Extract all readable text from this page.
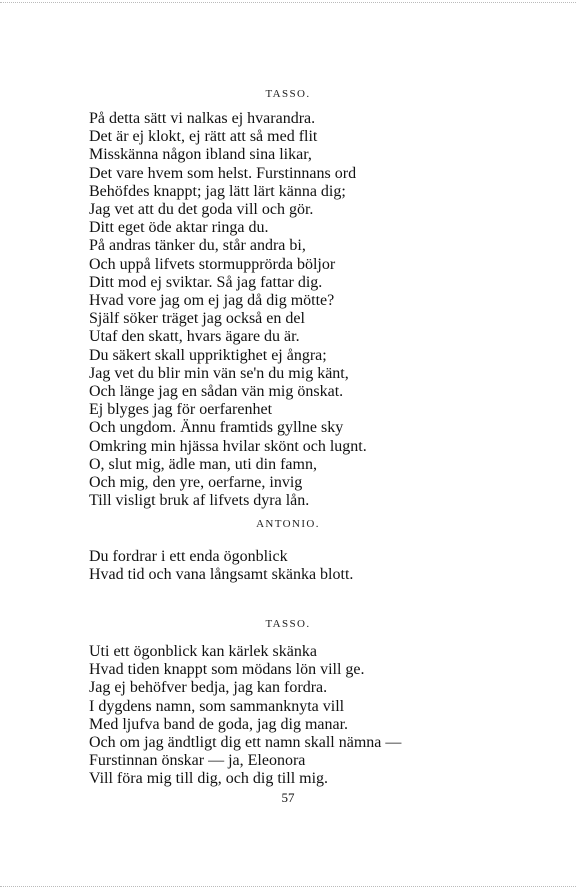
TASSO.
På detta sätt vi nalkas ej hvarandra.
Det är ej klokt, ej rätt att så med flit
Misskänna någon ibland sina likar,
Det vare hvem som helst. Furstinnans ord
Behöfdes knappt; jag lätt lärt känna dig;
Jag vet att du det goda vill och gör.
Ditt eget öde aktar ringa du.
På andras tänker du, står andra bi,
Och uppå lifvets stormupprörda böljor
Ditt mod ej sviktar. Så jag fattar dig.
Hvad vore jag om ej jag då dig mötte?
Själf söker träget jag också en del
Utaf den skatt, hvars ägare du är.
Du säkert skall uppriktighet ej ångra;
Jag vet du blir min vän se'n du mig känt,
Och länge jag en sådan vän mig önskat.
Ej blyges jag för oerfarenhet
Och ungdom. Ännu framtids gyllne sky
Omkring min hjässa hvilar skönt och lugnt.
O, slut mig, ädle man, uti din famn,
Och mig, den yre, oerfarne, invig
Till visligt bruk af lifvets dyra lån.
ANTONIO.
Du fordrar i ett enda ögonblick
Hvad tid och vana långsamt skänka blott.
TASSO.
Uti ett ögonblick kan kärlek skänka
Hvad tiden knappt som mödans lön vill ge.
Jag ej behöfver bedja, jag kan fordra.
I dygdens namn, som sammanknyta vill
Med ljufva band de goda, jag dig manar.
Och om jag ändtligt dig ett namn skall nämna —
Furstinnan önskar — ja, Eleonora
Vill föra mig till dig, och dig till mig.
57
